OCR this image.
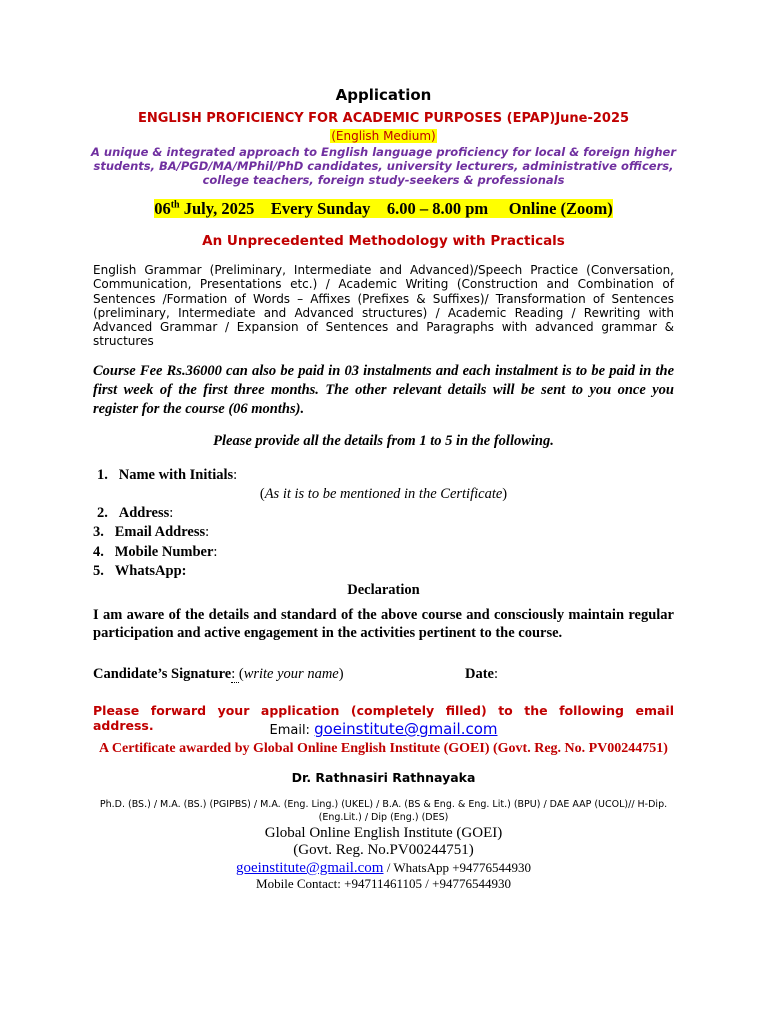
Application
ENGLISH PROFICIENCY FOR ACADEMIC PURPOSES (EPAP)June-2025
(English Medium)
A unique & integrated approach to English language proficiency for local & foreign higher students, BA/PGD/MA/MPhil/PhD candidates, university lecturers, administrative officers, college teachers, foreign study-seekers & professionals
06th July, 2025    Every Sunday    6.00 – 8.00 pm     Online (Zoom)
An Unprecedented Methodology with Practicals
English Grammar (Preliminary, Intermediate and Advanced)/Speech Practice (Conversation, Communication, Presentations etc.) / Academic Writing (Construction and Combination of Sentences /Formation of Words – Affixes (Prefixes & Suffixes)/ Transformation of Sentences (preliminary, Intermediate and Advanced structures) / Academic Reading / Rewriting with Advanced Grammar / Expansion of Sentences and Paragraphs with advanced grammar & structures
Course Fee Rs.36000 can also be paid in 03 instalments and each instalment is to be paid in the first week of the first three months. The other relevant details will be sent to you once you register for the course (06 months).
Please provide all the details from 1 to 5 in the following.
1. Name with Initials:
(As it is to be mentioned in the Certificate)
2. Address:
3. Email Address:
4. Mobile Number:
5. WhatsApp:
Declaration
I am aware of the details and standard of the above course and consciously maintain regular participation and active engagement in the activities pertinent to the course.
Candidate’s Signature: (write your name)	Date:
Please forward your application (completely filled) to the following email address.	Email: goeinstitute@gmail.com
A Certificate awarded by Global Online English Institute (GOEI) (Govt. Reg. No. PV00244751)
Dr. Rathnasiri Rathnayaka
Ph.D. (BS.) / M.A. (BS.) (PGIPBS) / M.A. (Eng. Ling.) (UKEL) / B.A. (BS & Eng. & Eng. Lit.) (BPU) / DAE AAP (UCOL)// H-Dip. (Eng.Lit.) / Dip (Eng.) (DES)
Global Online English Institute (GOEI)
(Govt. Reg. No.PV00244751)
goeinstitute@gmail.com / WhatsApp +94776544930
Mobile Contact: +94711461105 / +94776544930
